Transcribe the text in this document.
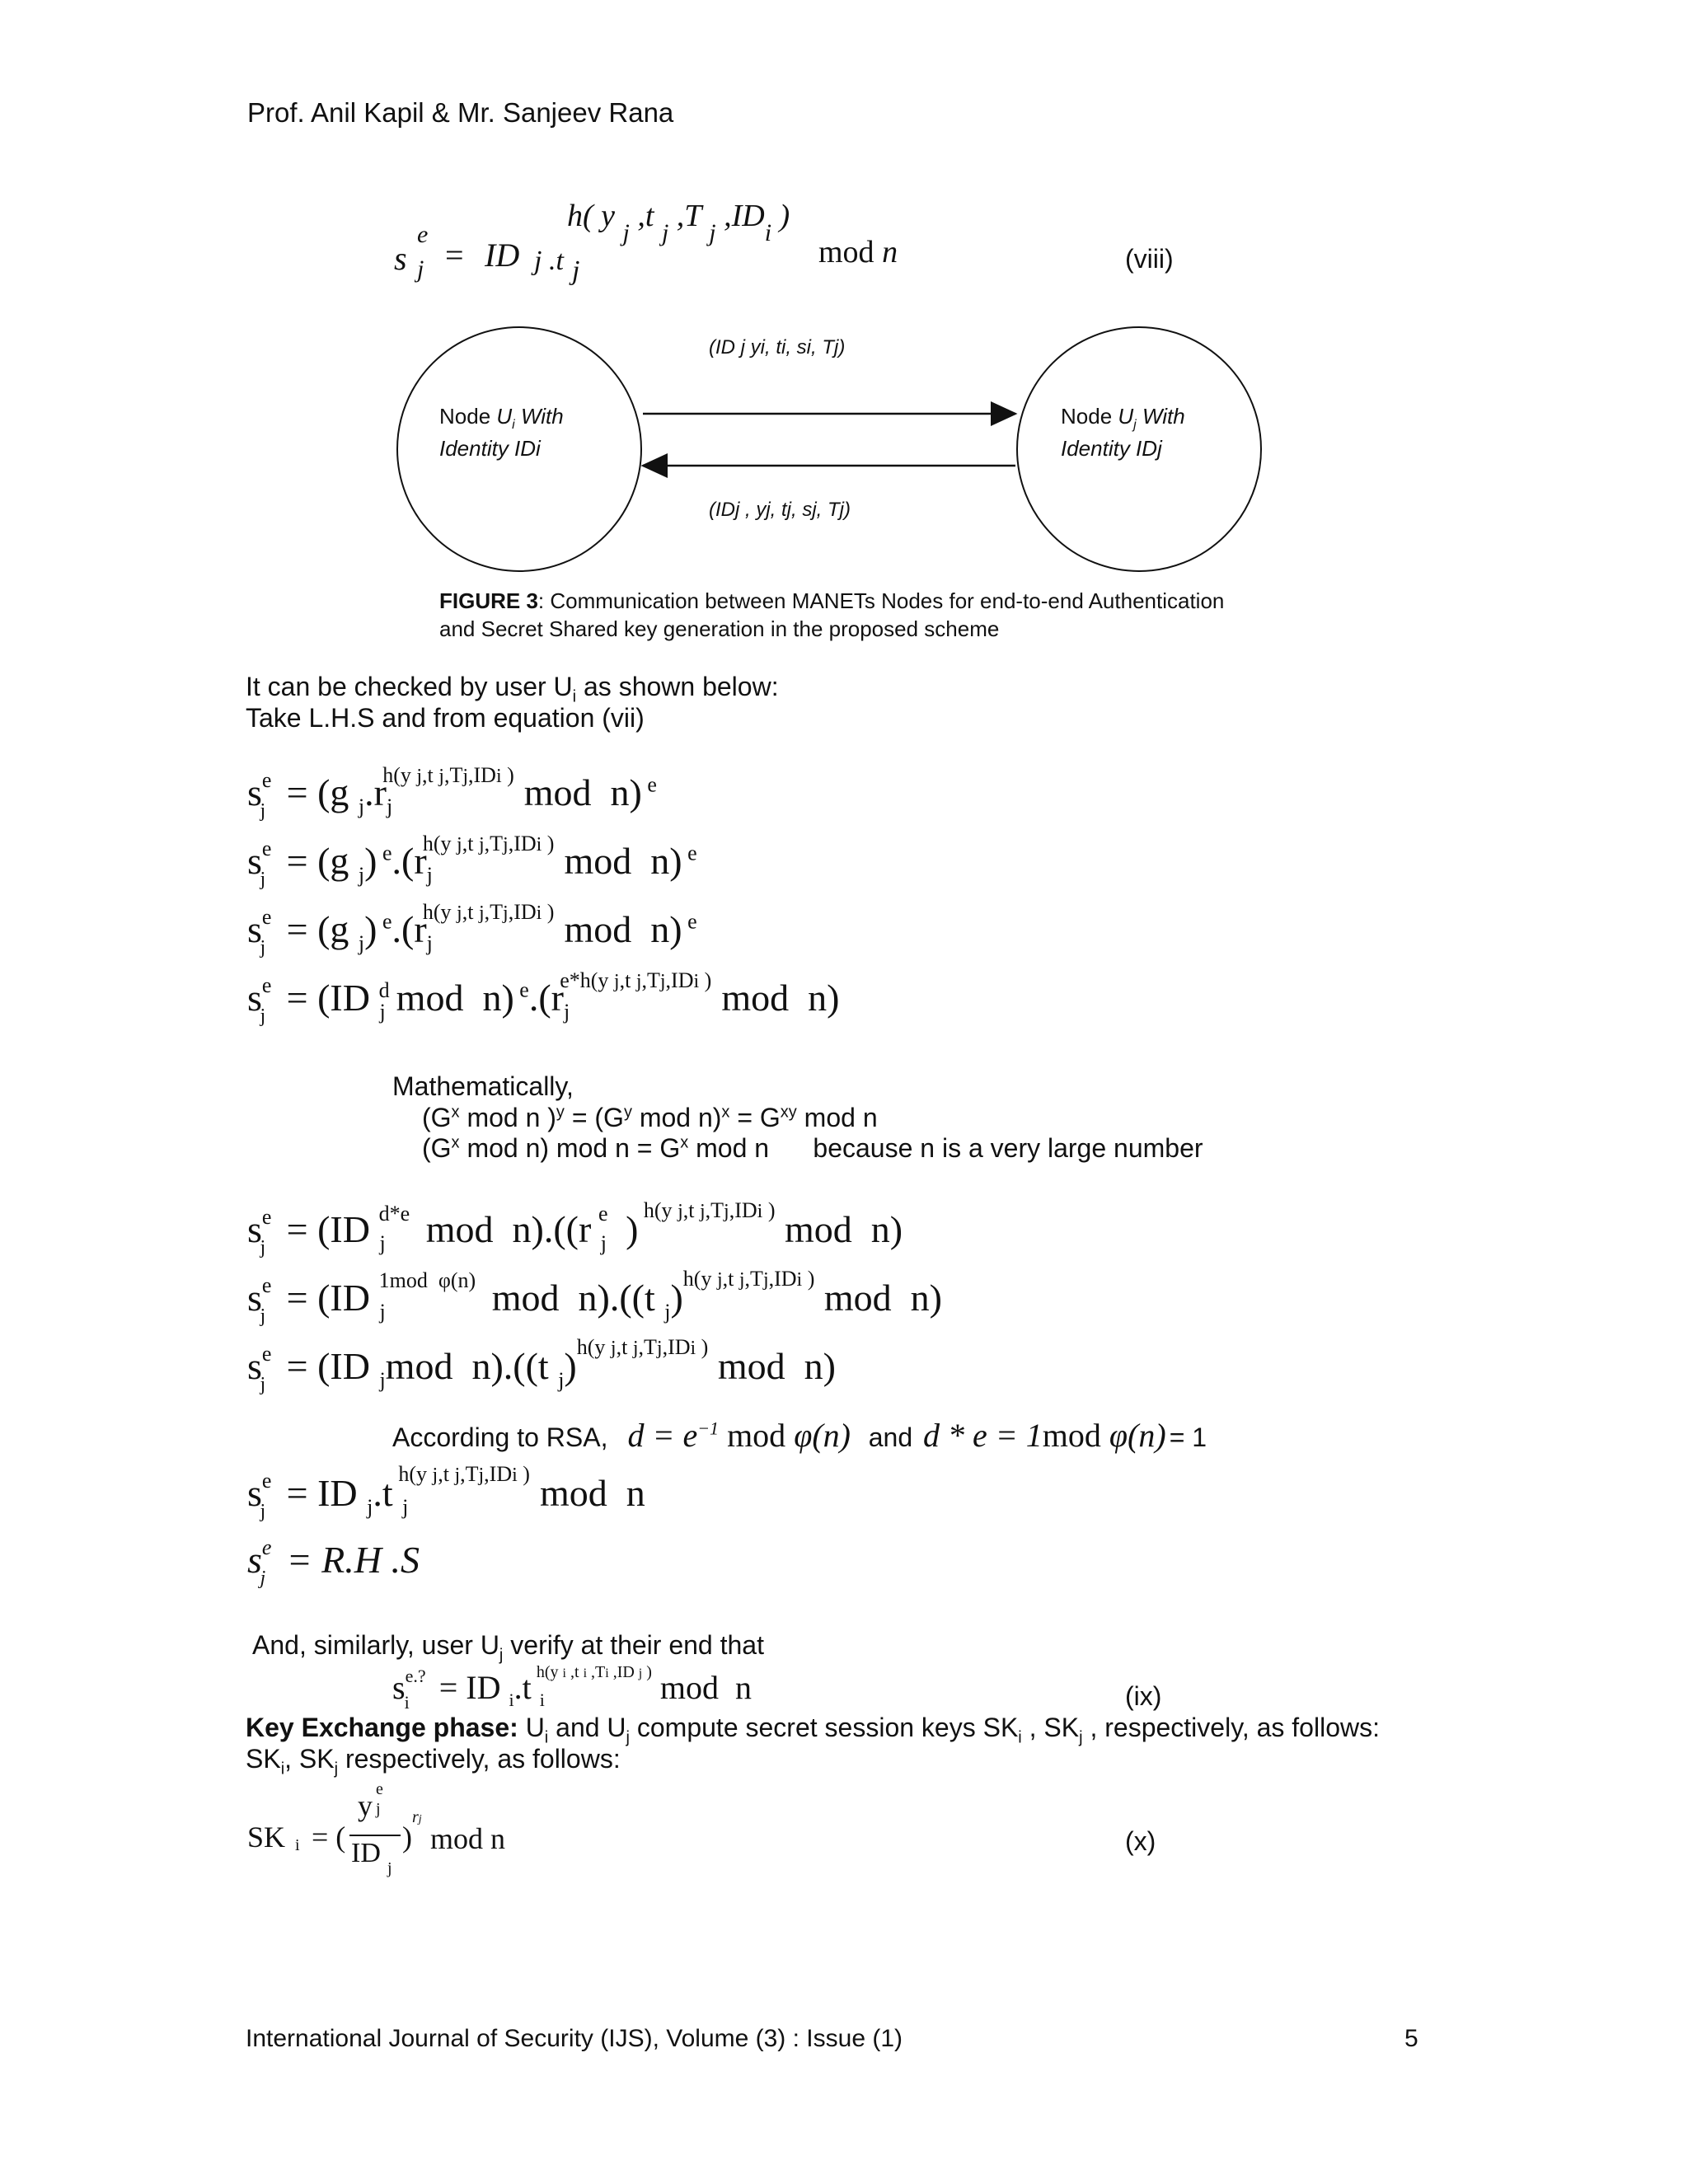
Prof. Anil Kapil & Mr. Sanjeev Rana
s
e
j = ID j .t j
h( y $_j$ ,t $_j$ ,T $_j$ $,ID_i$ )
mod n	(viii)
Node $U_i$ With
Identity IDi
Node $U_j$ With
Identity IDj
(ID j yi, ti, si, Tj)
(IDj , yj, tj, sj, Tj)
FIGURE 3: Communication between MANETs Nodes for end-to-end Authentication
and Secret Shared key generation in the proposed scheme
It can be checked by user $U_i$ as shown below:
Take L.H.S and from equation (vii)
$s^e_j = (g$ $_j.r_j^{h(y j,t j,Tj,IDi )}$ mod  n) $^e$
$s^e_j = (g$ $_j$) $^e.(r_j^{h(y j,t j,Tj,IDi )}$ mod  n) $^e$
$s^e_j = (g$ $_j$) $^e.(r_j^{h(y j,t j,Tj,IDi )}$ mod  n) $^e$
$s^e_j = (ID$ $_j^d$ mod  n) $^e.(r_j^{e*h(y j,t j,Tj,IDi )}$ mod  n)
Mathematically,
($G^x$ mod n )$^y = (G^y$ mod $n)^x = G^{xy}$ mod n
($G^x$ mod n) mod $n = G^x$ mod n      because n is a very large number
$s^e_j = (ID$ $_j^{d*e}$ mod  n).((r $_j^e$ ) $^{h(y j,t j,Tj,IDi )}$ mod  n)
$s^e_j = (ID$ $_j^{1mod \varphi(n)}$ mod  n).((t $_j$)$^{h(y j,t j,Tj,IDi )}$ mod  n)
$s^e_j = (ID$ $_j$mod  n).((t $_j$)$^{h(y j,t j,Tj,IDi )}$ mod  n)
According to RSA,   $d = e^{-1}$ mod φ(n) and d * e = 1mod φ(n) = 1
$s^e_j$ = ID $_j$.t $_j^{h(y j,t j,Tj,IDi )}$ mod  n
$s^e_j = R.H$ .S
And, similarly, user $U_j$ verify at their end that
$s^{e.?}_i$ = ID $_i$.t $_i^{h(y i ,t i ,Ti ,ID j )}$ mod  n	(ix)
Key Exchange phase: $U_i$ and $U_j$ compute secret session keys $SK_i$ , $SK_j$ , respectively, as follows:
$SK_i$, $SK_j$ respectively, as follows:
SK i = (
y e
j
ID j
)
rj
mod n	(x)
International Journal of Security (IJS), Volume (3) : Issue (1)	5
